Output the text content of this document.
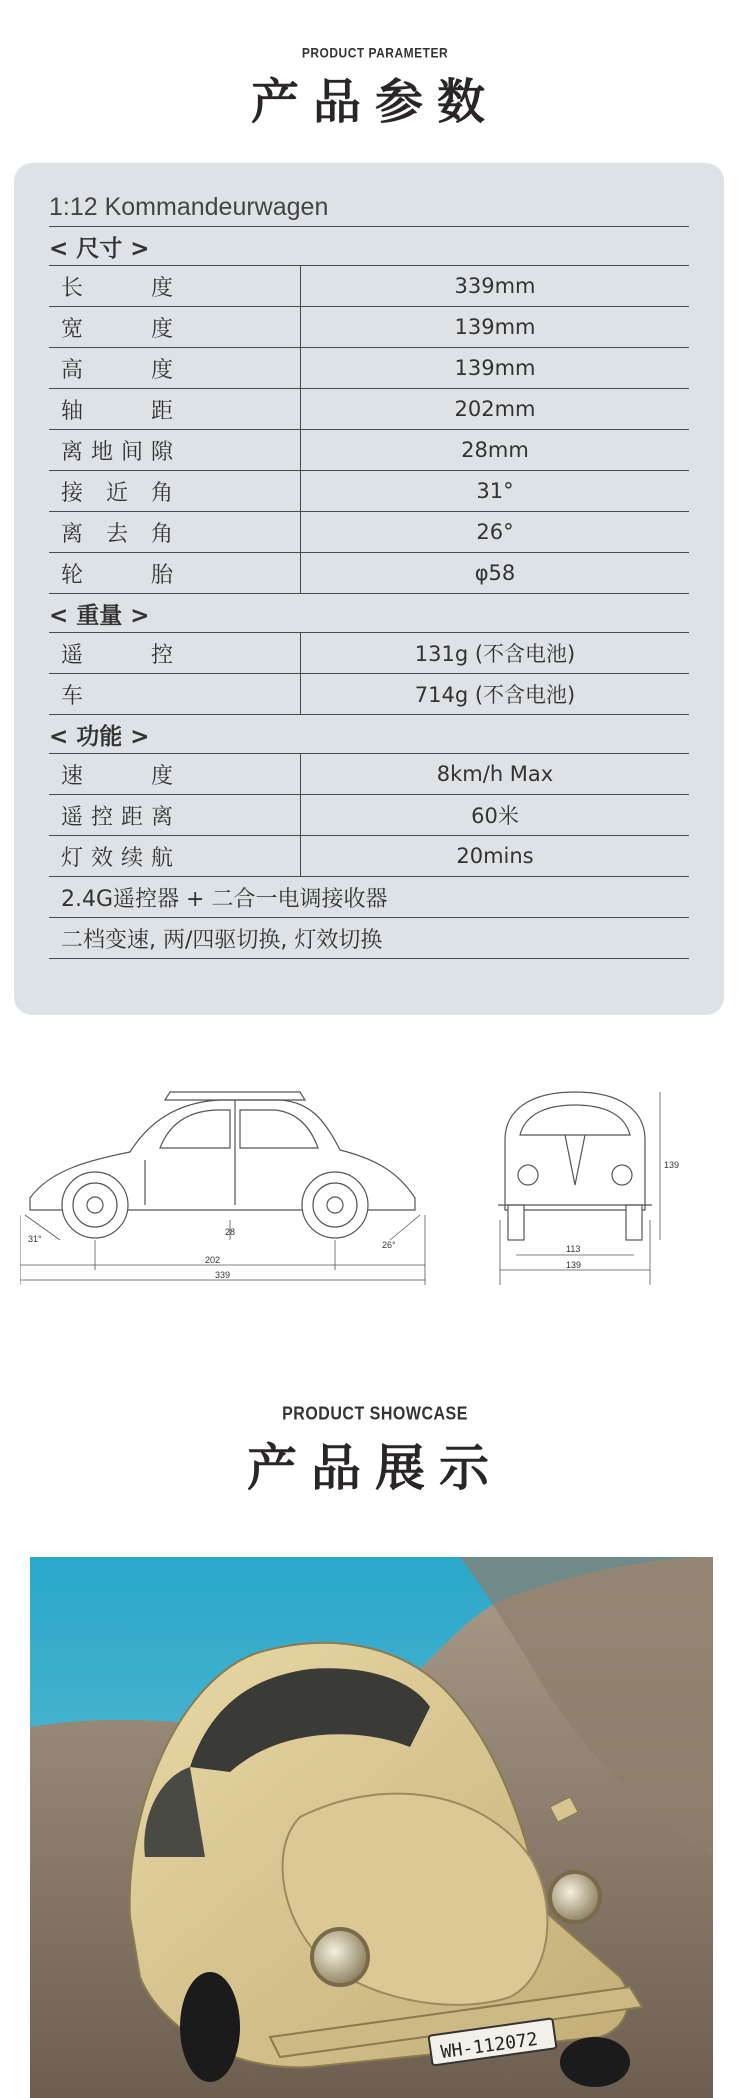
PRODUCT PARAMETER
产品参数
1:12 Kommandeurwagen
< 尺寸 >
长度	339mm
宽度	139mm
高度	139mm
轴距	202mm
离地间隙	28mm
接近角	31°
离去角	26°
轮胎	φ58
< 重量 >
遥控	131g (不含电池)
车	714g (不含电池)
< 功能 >
速度	8km/h Max
遥控距离	60米
灯效续航	20mins
2.4G遥控器 + 二合一电调接收器
二档变速, 两/四驱切换, 灯效切换
31°
28
26°
202
339
139
113
139
PRODUCT SHOWCASE
产品展示
WH-112072
